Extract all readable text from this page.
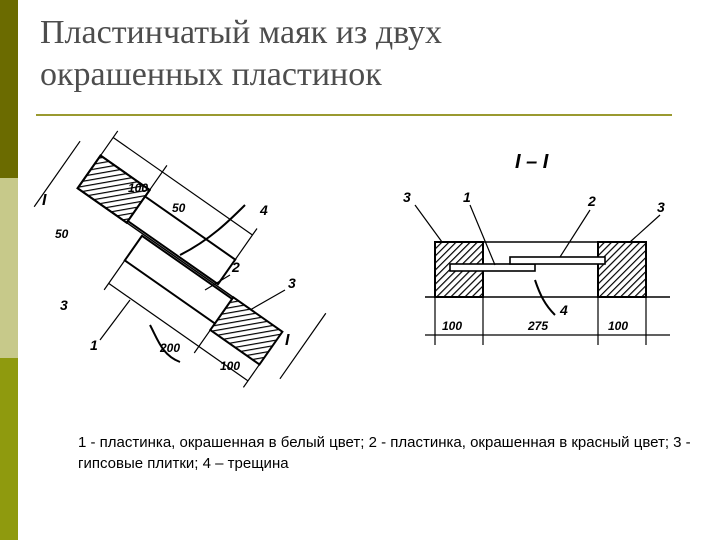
Пластинчатый маяк из двух
окрашенных пластинок
I
I
100
50
50
200
100
1
2
3
3
4
I – I
3	1	2	3
4
100	275	100

1 - пластинка, окрашенная в белый цвет; 2 - пластинка, окрашенная в красный цвет; 3 - гипсовые плитки; 4 – трещина
